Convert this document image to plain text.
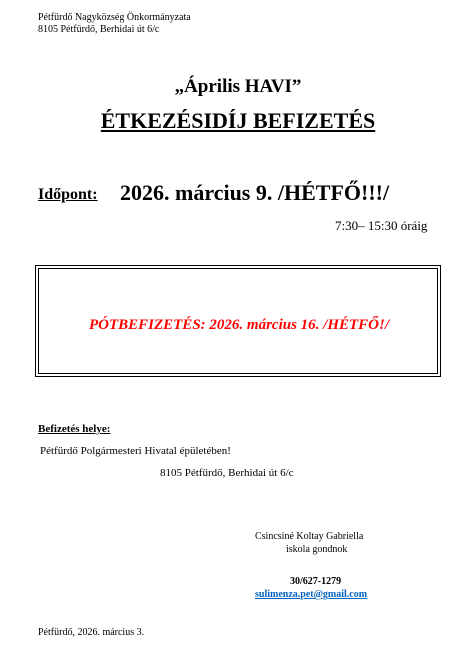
Pétfürdő Nagyközség Önkormányzata
8105 Pétfürdő, Berhidai út 6/c
„Április HAVI”
ÉTKEZÉSIDÍJ BEFIZETÉS
Időpont: 2026. március 9. /HÉTFŐ!!!/
7:30– 15:30 óráig
PÓTBEFIZETÉS: 2026. március 16. /HÉTFŐ!/
Befizetés helye:
Pétfürdő Polgármesteri Hivatal épületében!
8105 Pétfürdő, Berhidai út 6/c
Csincsiné Koltay Gabriella
iskola gondnok
30/627-1279
sulimenza.pet@gmail.com
Pétfürdő, 2026. március 3.
